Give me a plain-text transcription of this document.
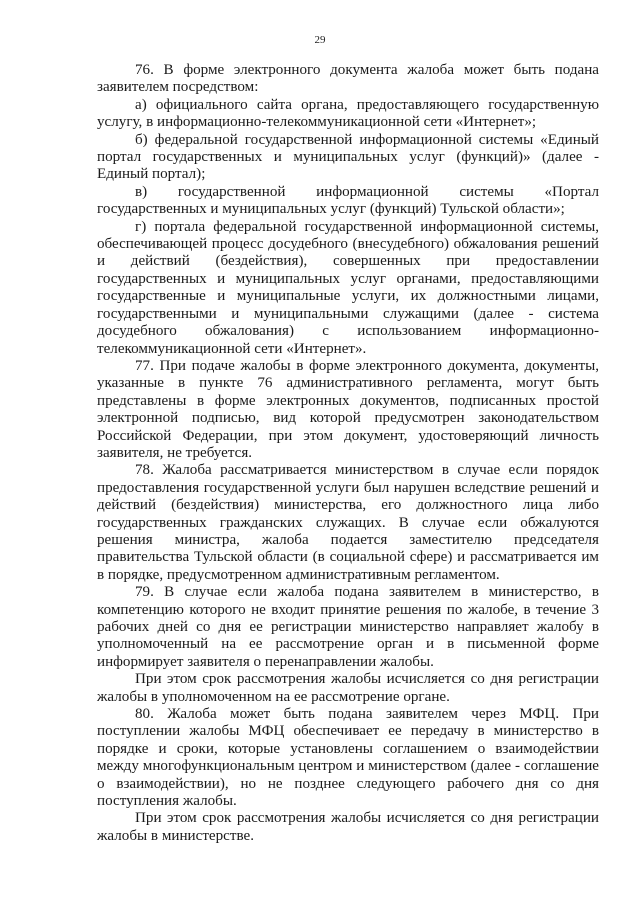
29

76. В форме электронного документа жалоба может быть подана заявителем посредством:

а) официального сайта органа, предоставляющего государственную услугу, в информационно-телекоммуникационной сети «Интернет»;

б) федеральной государственной информационной системы «Единый портал государственных и муниципальных услуг (функций)» (далее - Единый портал);

в) государственной информационной системы «Портал государственных и муниципальных услуг (функций) Тульской области»;

г) портала федеральной государственной информационной системы, обеспечивающей процесс досудебного (внесудебного) обжалования решений и действий (бездействия), совершенных при предоставлении государственных и муниципальных услуг органами, предоставляющими государственные и муниципальные услуги, их должностными лицами, государственными и муниципальными служащими (далее - система досудебного обжалования) с использованием информационно-телекоммуникационной сети «Интернет».

77. При подаче жалобы в форме электронного документа, документы, указанные в пункте 76 административного регламента, могут быть представлены в форме электронных документов, подписанных простой электронной подписью, вид которой предусмотрен законодательством Российской Федерации, при этом документ, удостоверяющий личность заявителя, не требуется.

78. Жалоба рассматривается министерством в случае если порядок предоставления государственной услуги был нарушен вследствие решений и действий (бездействия) министерства, его должностного лица либо государственных гражданских служащих. В случае если обжалуются решения министра, жалоба подается заместителю председателя правительства Тульской области (в социальной сфере) и рассматривается им в порядке, предусмотренном административным регламентом.

79. В случае если жалоба подана заявителем в министерство, в компетенцию которого не входит принятие решения по жалобе, в течение 3 рабочих дней со дня ее регистрации министерство направляет жалобу в уполномоченный на ее рассмотрение орган и в письменной форме информирует заявителя о перенаправлении жалобы.

При этом срок рассмотрения жалобы исчисляется со дня регистрации жалобы в уполномоченном на ее рассмотрение органе.

80. Жалоба может быть подана заявителем через МФЦ. При поступлении жалобы МФЦ обеспечивает ее передачу в министерство в порядке и сроки, которые установлены соглашением о взаимодействии между многофункциональным центром и министерством (далее - соглашение о взаимодействии), но не позднее следующего рабочего дня со дня поступления жалобы.

При этом срок рассмотрения жалобы исчисляется со дня регистрации жалобы в министерстве.
